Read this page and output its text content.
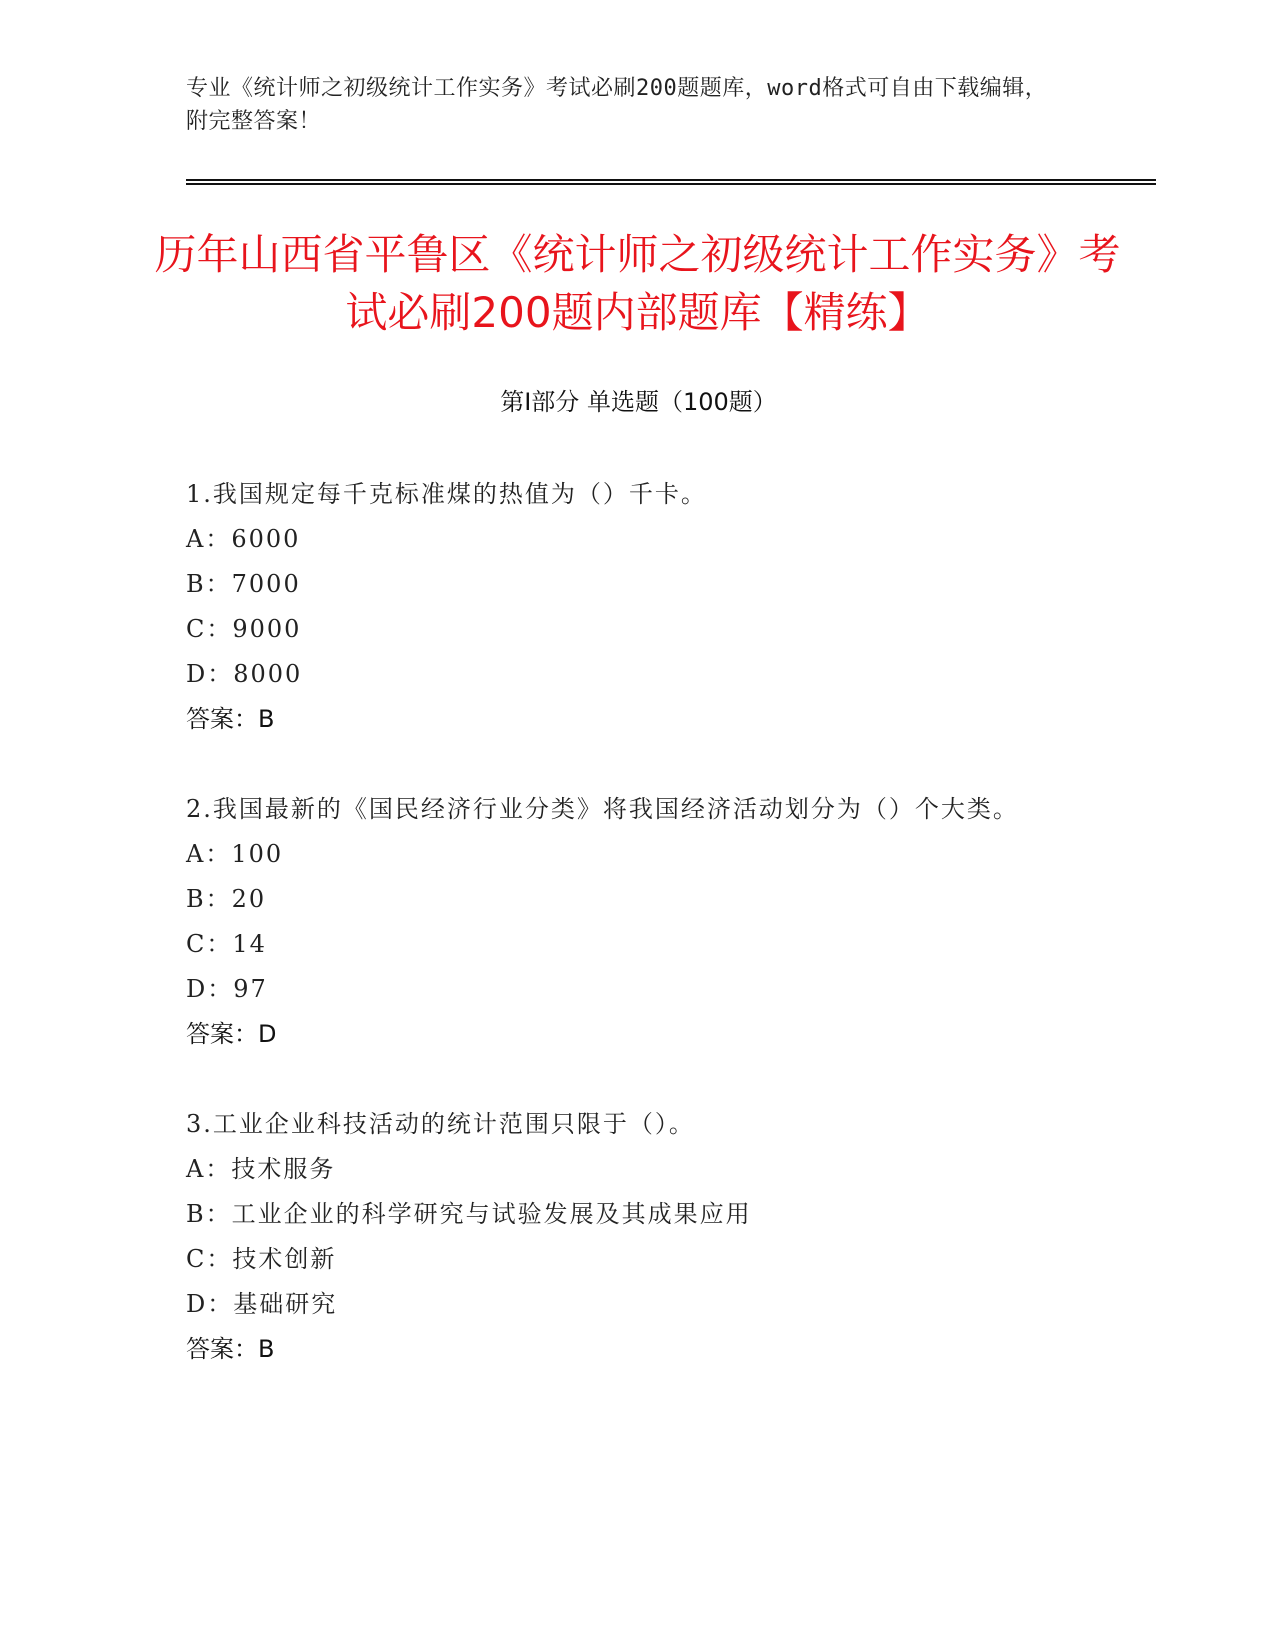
专业《统计师之初级统计工作实务》考试必刷200题题库，word格式可自由下载编辑，附完整答案！
历年山西省平鲁区《统计师之初级统计工作实务》考试必刷200题内部题库【精练】
第Ⅰ部分 单选题（100题）

1.我国规定每千克标准煤的热值为（）千卡。

A：6000

B：7000

C：9000

D：8000

答案：B

2.我国最新的《国民经济行业分类》将我国经济活动划分为（）个大类。

A：100

B：20

C：14

D：97

答案：D

3.工业企业科技活动的统计范围只限于（）。

A：技术服务

B：工业企业的科学研究与试验发展及其成果应用

C：技术创新

D：基础研究

答案：B
